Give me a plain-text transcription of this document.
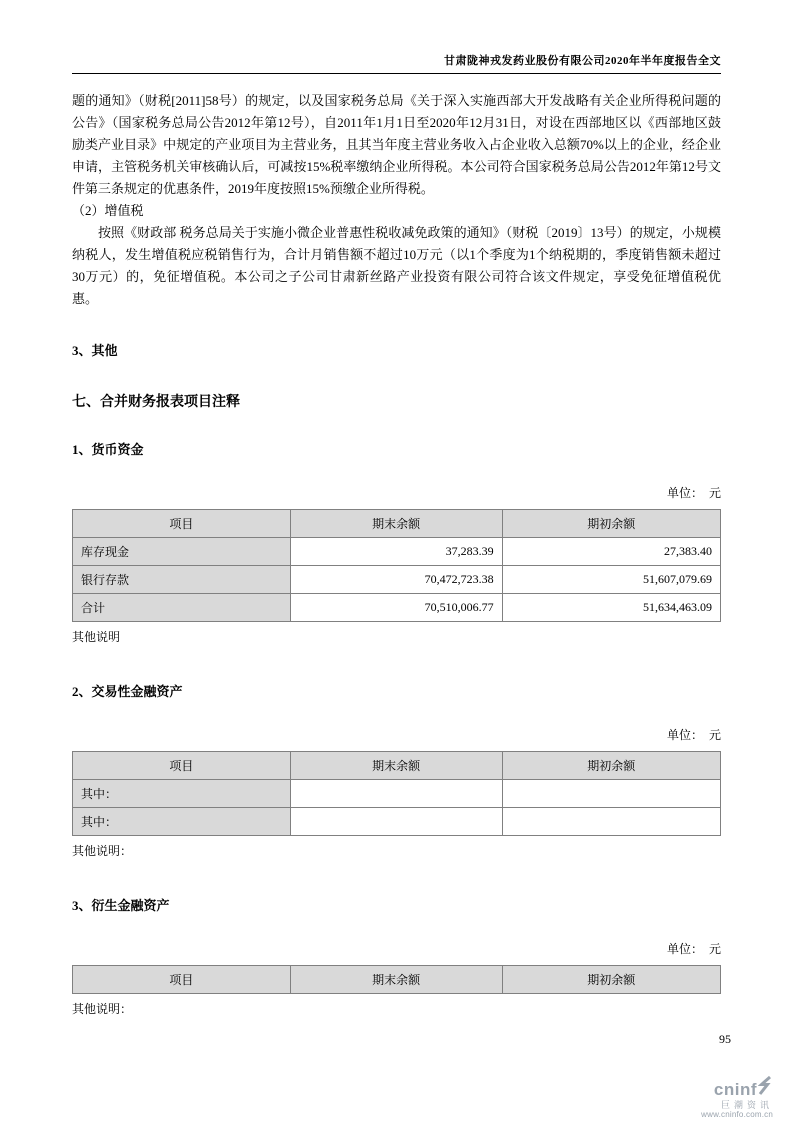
甘肃陇神戎发药业股份有限公司2020年半年度报告全文

题的通知》（财税[2011]58号）的规定，以及国家税务总局《关于深入实施西部大开发战略有关企业所得税问题的公告》（国家税务总局公告2012年第12号），自2011年1月1日至2020年12月31日，对设在西部地区以《西部地区鼓励类产业目录》中规定的产业项目为主营业务，且其当年度主营业务收入占企业收入总额70%以上的企业，经企业申请，主管税务机关审核确认后，可减按15%税率缴纳企业所得税。本公司符合国家税务总局公告2012年第12号文件第三条规定的优惠条件，2019年度按照15%预缴企业所得税。

（2）增值税

按照《财政部 税务总局关于实施小微企业普惠性税收减免政策的通知》（财税〔2019〕13号）的规定，小规模纳税人，发生增值税应税销售行为，合计月销售额不超过10万元（以1个季度为1个纳税期的，季度销售额未超过30万元）的，免征增值税。本公司之子公司甘肃新丝路产业投资有限公司符合该文件规定，享受免征增值税优惠。

3、其他
七、合并财务报表项目注释
1、货币资金
单位：  元
项目	期末余额	期初余额
库存现金	37,283.39	27,383.40
银行存款	70,472,723.38	51,607,079.69
合计	70,510,006.77	51,634,463.09
其他说明
2、交易性金融资产
单位：  元
项目	期末余额	期初余额
其中：		
其中：		
其他说明：
3、衍生金融资产
单位：  元
项目	期末余额	期初余额
其他说明：
95
cninf
巨潮资讯
www.cninfo.com.cn
